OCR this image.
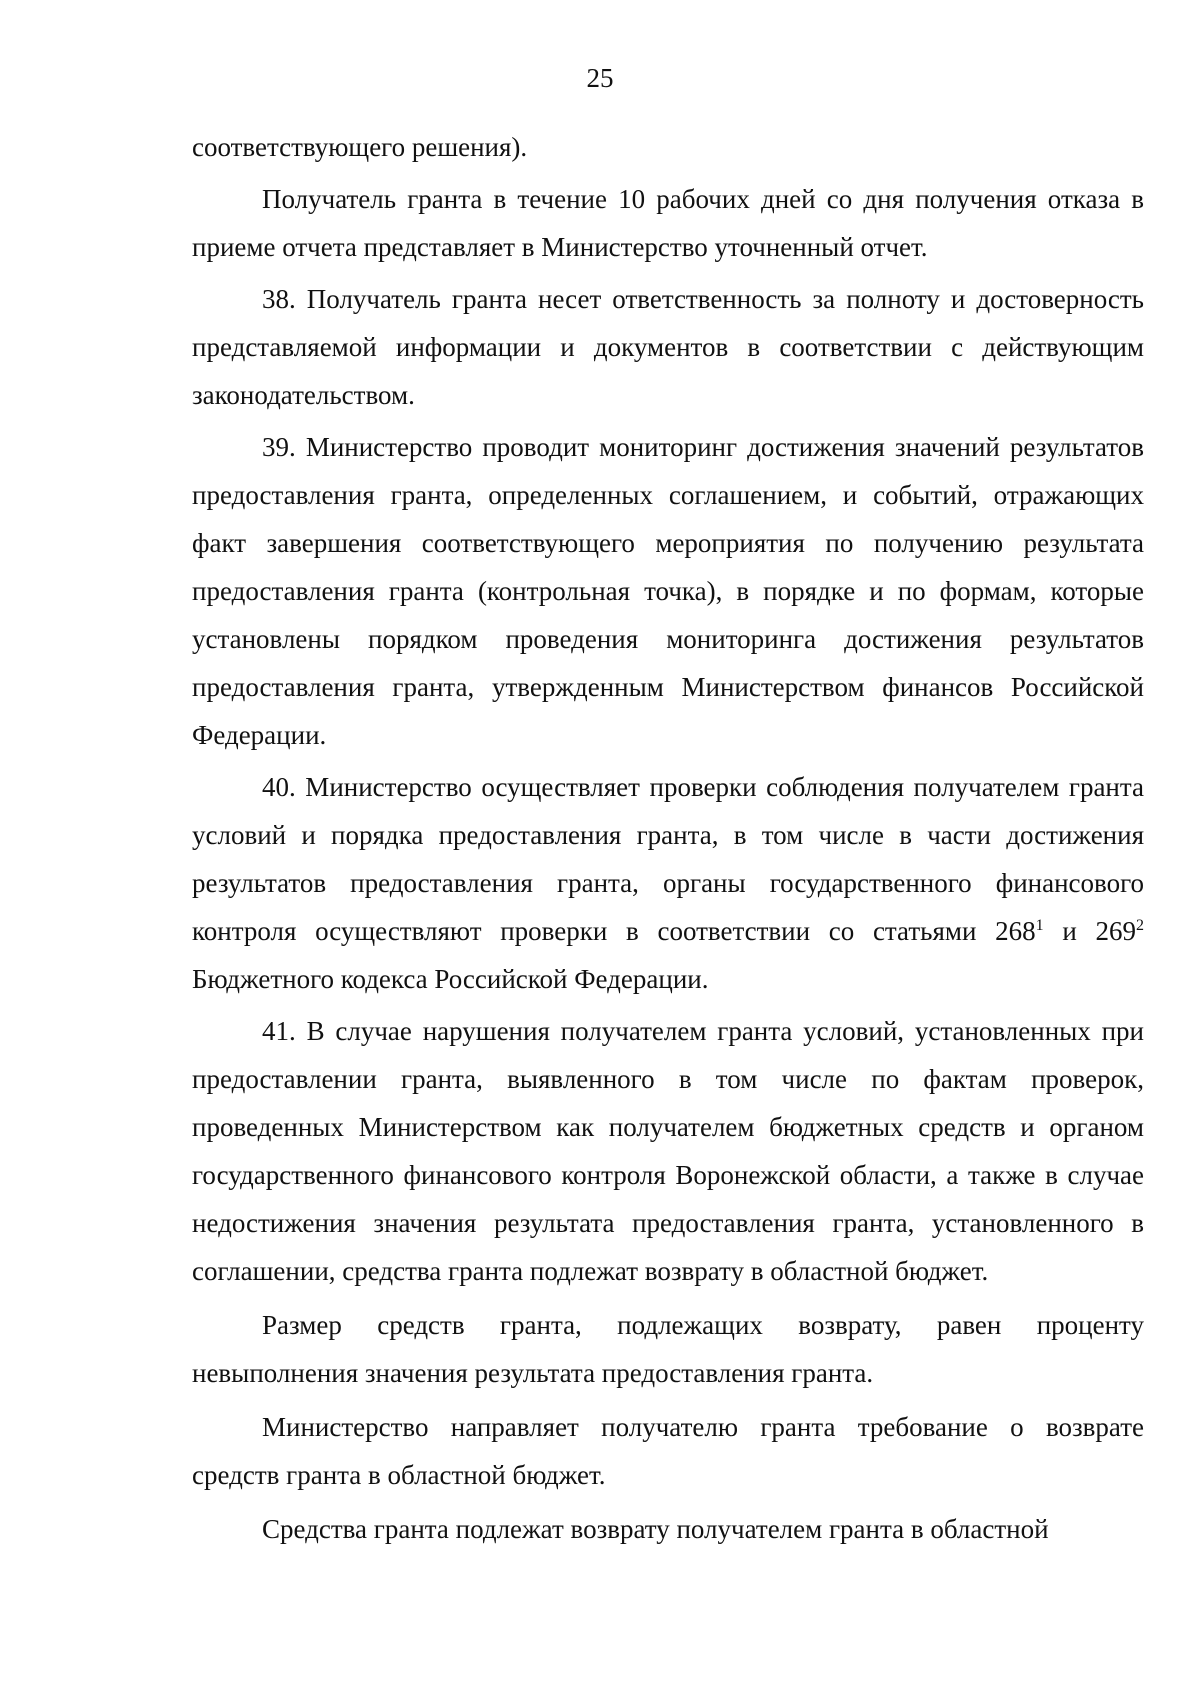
25

соответствующего решения).

Получатель гранта в течение 10 рабочих дней со дня получения отказа в приеме отчета представляет в Министерство уточненный отчет.

38. Получатель гранта несет ответственность за полноту и достоверность представляемой информации и документов в соответствии с действующим законодательством.

39. Министерство проводит мониторинг достижения значений результатов предоставления гранта, определенных соглашением, и событий, отражающих факт завершения соответствующего мероприятия по получению результата предоставления гранта (контрольная точка), в порядке и по формам, которые установлены порядком проведения мониторинга достижения результатов предоставления гранта, утвержденным Министерством финансов Российской Федерации.

40. Министерство осуществляет проверки соблюдения получателем гранта условий и порядка предоставления гранта, в том числе в части достижения результатов предоставления гранта, органы государственного финансового контроля осуществляют проверки в соответствии со статьями $268^1$ и $269^2$ Бюджетного кодекса Российской Федерации.

41. В случае нарушения получателем гранта условий, установленных при предоставлении гранта, выявленного в том числе по фактам проверок, проведенных Министерством как получателем бюджетных средств и органом государственного финансового контроля Воронежской области, а также в случае недостижения значения результата предоставления гранта, установленного в соглашении, средства гранта подлежат возврату в областной бюджет.

Размер средств гранта, подлежащих возврату, равен проценту невыполнения значения результата предоставления гранта.

Министерство направляет получателю гранта требование о возврате средств гранта в областной бюджет.

Средства гранта подлежат возврату получателем гранта в областной
